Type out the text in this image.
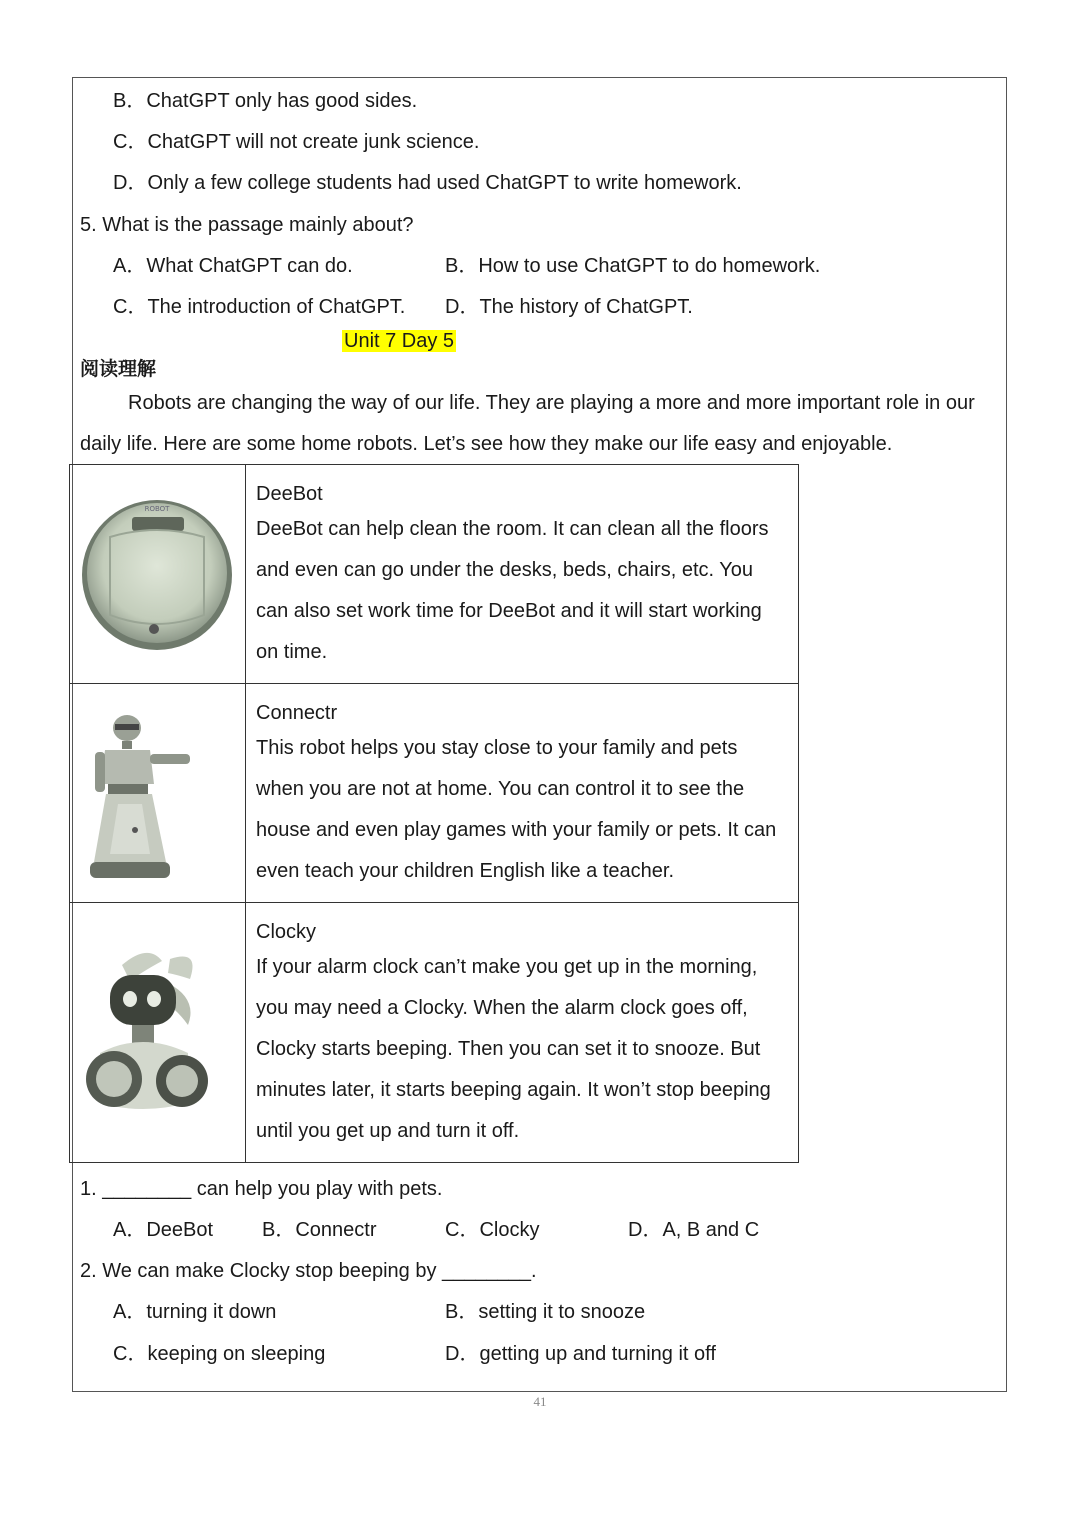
B．ChatGPT only has good sides.
C．ChatGPT will not create junk science.
D．Only a few college students had used ChatGPT to write homework.
5. What is the passage mainly about?
A．What ChatGPT can do.	B．How to use ChatGPT to do homework.
C．The introduction of ChatGPT. D．The history of ChatGPT.
Unit 7 Day 5
阅读理解
Robots are changing the way of our life. They are playing a more and more important role in our daily life. Here are some home robots. Let’s see how they make our life easy and enjoyable.
ROBOT	DeeBot
DeeBot can help clean the room. It can clean all the floors and even can go under the desks, beds, chairs, etc. You can also set work time for DeeBot and it will start working on time.

Connectr
This robot helps you stay close to your family and pets when you are not at home. You can control it to see the house and even play games with your family or pets. It can even teach your children English like a teacher.

Clocky
If your alarm clock can’t make you get up in the morning, you may need a Clocky. When the alarm clock goes off, Clocky starts beeping. Then you can set it to snooze. But minutes later, it starts beeping again. It won’t stop beeping until you get up and turn it off.
1. ________ can help you play with pets.
A．DeeBot B．Connectr	C．Clocky	D．A, B and C
2. We can make Clocky stop beeping by ________.
A．turning it down	B．setting it to snooze
C．keeping on sleeping	D．getting up and turning it off
41
